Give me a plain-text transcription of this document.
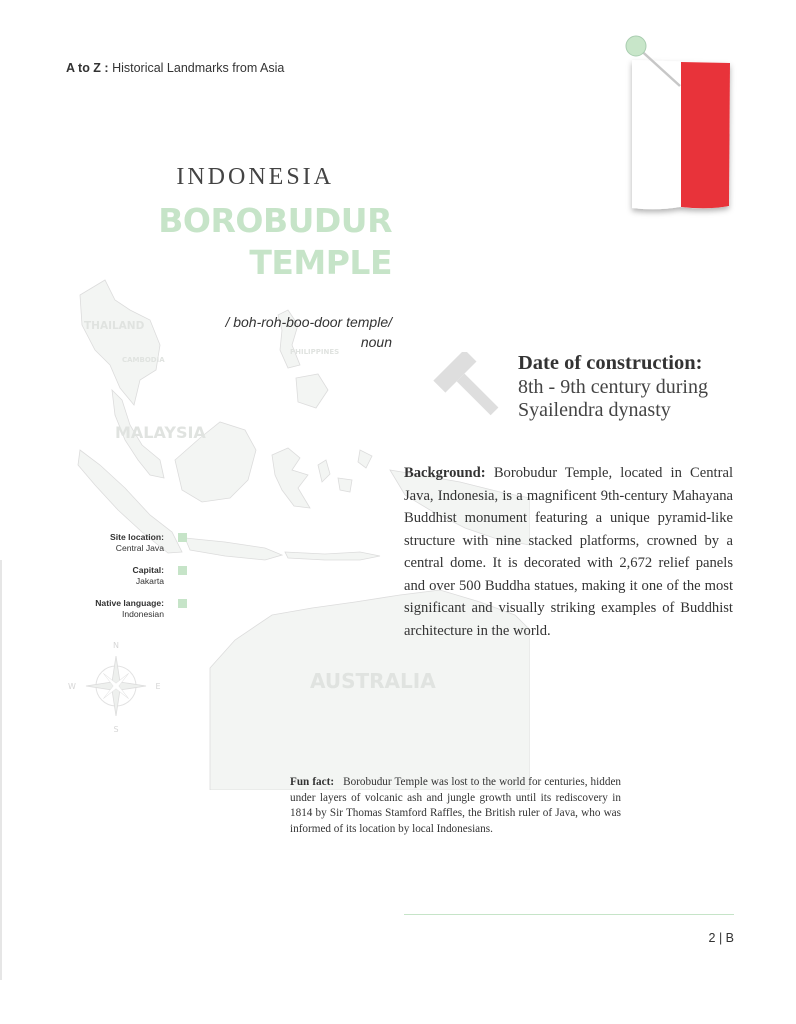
A to Z : Historical Landmarks from Asia
THAILAND
CAMBODIA
PHILIPPINES
MALAYSIA
AUSTRALIA
N
S
E
W
INDONESIA
BOROBUDUR
TEMPLE
/ boh-roh-boo-door temple/
noun
Date of construction:
8th - 9th century during Syailendra dynasty
Background: Borobudur Temple, located in Central Java, Indonesia, is a magnificent 9th-century Mahayana Buddhist monument featuring a unique pyramid-like structure with nine stacked platforms, crowned by a central dome. It is decorated with 2,672 relief panels and over 500 Buddha statues, making it one of the most significant and visually striking examples of Buddhist architecture in the world.
Site location:
Central Java
Capital:
Jakarta
Native language:
Indonesian
Fun fact: Borobudur Temple was lost to the world for centuries, hidden under layers of volcanic ash and jungle growth until its rediscovery in 1814 by Sir Thomas Stamford Raffles, the British ruler of Java, who was informed of its location by local Indonesians.
2 | B
